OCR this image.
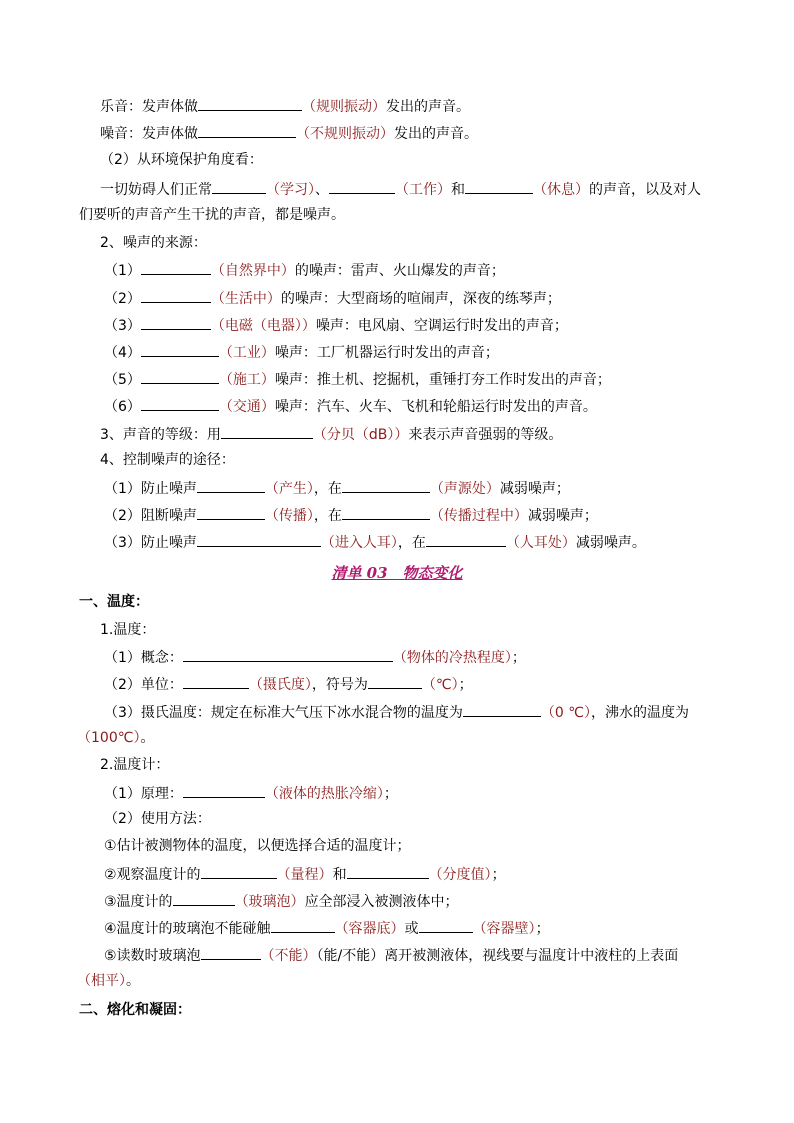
乐音：发声体做	（规则振动）发出的声音。
噪音：发声体做	（不规则振动）发出的声音。
（2）从环境保护角度看：
一切妨碍人们正常	（学习）、	（工作）和	（休息）的声音，以及对人
们要听的声音产生干扰的声音，都是噪声。
2、噪声的来源：
（1）	（自然界中）的噪声：雷声、火山爆发的声音；
（2）	（生活中）的噪声：大型商场的喧闹声，深夜的练琴声；
（3）	（电磁（电器））噪声：电风扇、空调运行时发出的声音；
（4）	（工业）噪声：工厂机器运行时发出的声音；
（5）	（施工）噪声：推土机、挖掘机，重锤打夯工作时发出的声音；
（6）	（交通）噪声：汽车、火车、飞机和轮船运行时发出的声音。
3、声音的等级：用	（分贝（dB））来表示声音强弱的等级。
4、控制噪声的途径：
（1）防止噪声	（产生），在	（声源处）减弱噪声；
（2）阻断噪声	（传播），在	（传播过程中）减弱噪声；
（3）防止噪声	（进入人耳），在	（人耳处）减弱噪声。
清单 03　物态变化
一、温度：
1.温度：
（1）概念：	（物体的冷热程度）；
（2）单位：	（摄氏度），符号为	（℃）；
（3）摄氏温度：规定在标准大气压下冰水混合物的温度为	（0 ℃），沸水的温度为
（100℃）。
2.温度计：
（1）原理：	（液体的热胀冷缩）；
（2）使用方法：
①估计被测物体的温度，以便选择合适的温度计；
②观察温度计的	（量程）和	（分度值）；
③温度计的	（玻璃泡）应全部浸入被测液体中；
④温度计的玻璃泡不能碰触	（容器底）或	（容器壁）；
⑤读数时玻璃泡	（不能）（能/不能）离开被测液体，视线要与温度计中液柱的上表面
（相平）。
二、熔化和凝固：
